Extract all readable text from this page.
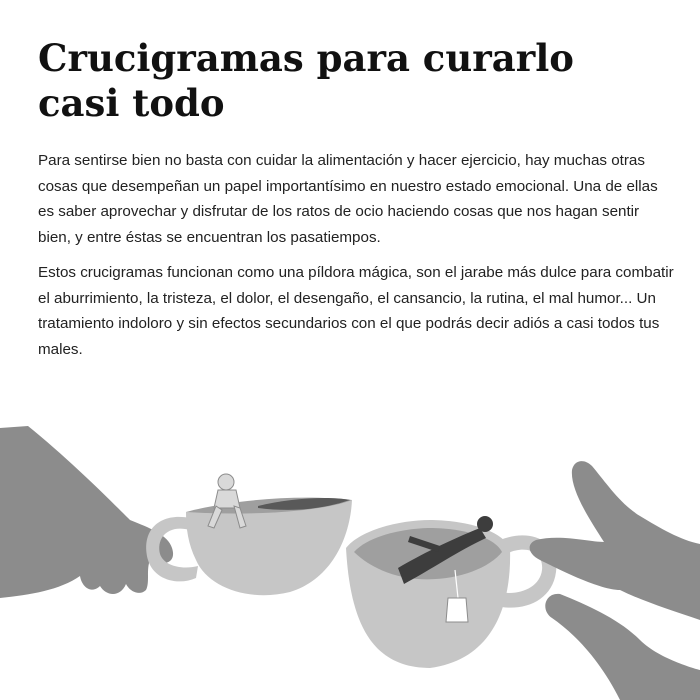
Crucigramas para curarlo casi todo

Para sentirse bien no basta con cuidar la alimentación y hacer ejercicio, hay muchas otras cosas que desempeñan un papel importantísimo en nuestro estado emocional. Una de ellas es saber aprovechar y disfrutar de los ratos de ocio haciendo cosas que nos hagan sentir bien, y entre éstas se encuentran los pasatiempos.

Estos crucigramas funcionan como una píldora mágica, son el jarabe más dulce para combatir el aburrimiento, la tristeza, el dolor, el desengaño, el cansancio, la rutina, el mal humor... Un tratamiento indoloro y sin efectos secundarios con el que podrás decir adiós a casi todos tus males.
